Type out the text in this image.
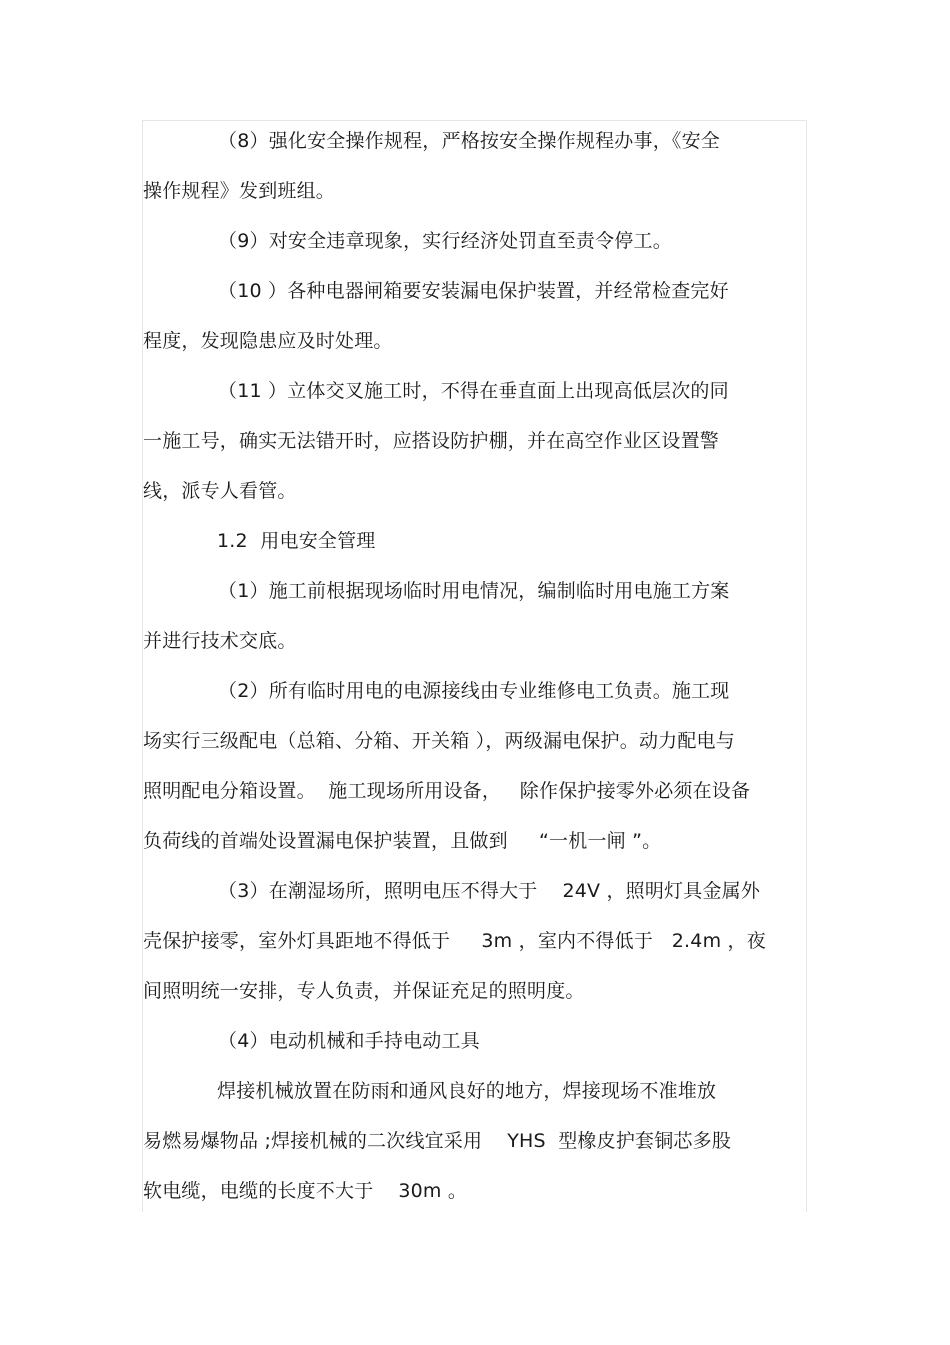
（8）强化安全操作规程，严格按安全操作规程办事，《安全
操作规程》发到班组。
（9）对安全违章现象，实行经济处罚直至责令停工。
（10 ）各种电器闸箱要安装漏电保护装置，并经常检查完好
程度，发现隐患应及时处理。
（11 ）立体交叉施工时，不得在垂直面上出现高低层次的同
一施工号，确实无法错开时，应搭设防护棚，并在高空作业区设置警
线，派专人看管。
1.2  用电安全管理
（1）施工前根据现场临时用电情况，编制临时用电施工方案
并进行技术交底。
（2）所有临时用电的电源接线由专业维修电工负责。施工现
场实行三级配电（总箱、分箱、开关箱 ），两级漏电保护。动力配电与
照明配电分箱设置。  施工现场所用设备，   除作保护接零外必须在设备
负荷线的首端处设置漏电保护装置，且做到     “一机一闸 ”。
（3）在潮湿场所，照明电压不得大于    24V ，照明灯具金属外
壳保护接零，室外灯具距地不得低于     3m ，室内不得低于   2.4m ，夜
间照明统一安排，专人负责，并保证充足的照明度。
（4）电动机械和手持电动工具
焊接机械放置在防雨和通风良好的地方，焊接现场不准堆放
易燃易爆物品 ;焊接机械的二次线宜采用    YHS  型橡皮护套铜芯多股
软电缆，电缆的长度不大于    30m 。
